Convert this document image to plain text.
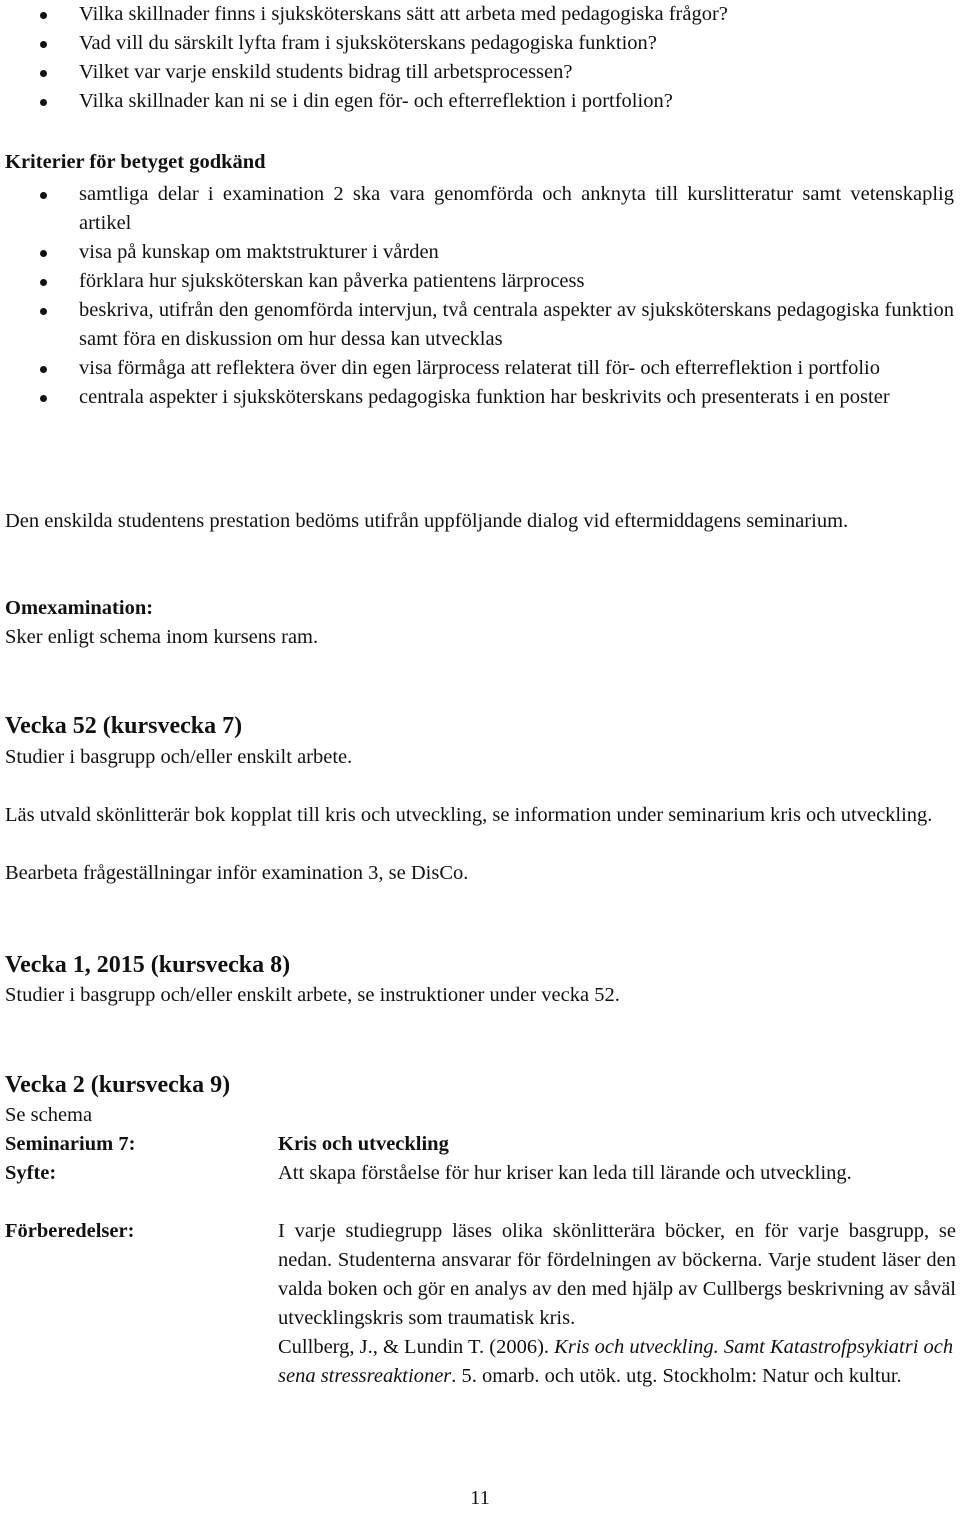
Vilka skillnader finns i sjuksköterskans sätt att arbeta med pedagogiska frågor?
Vad vill du särskilt lyfta fram i sjuksköterskans pedagogiska funktion?
Vilket var varje enskild students bidrag till arbetsprocessen?
Vilka skillnader kan ni se i din egen för- och efterreflektion i portfolion?
Kriterier för betyget godkänd
samtliga delar i examination 2 ska vara genomförda och anknyta till kurslitteratur samt vetenskaplig artikel
visa på kunskap om maktstrukturer i vården
förklara hur sjuksköterskan kan påverka patientens lärprocess
beskriva, utifrån den genomförda intervjun, två centrala aspekter av sjuksköterskans pedagogiska funktion samt föra en diskussion om hur dessa kan utvecklas
visa förmåga att reflektera över din egen lärprocess relaterat till för- och efterreflektion i portfolio
centrala aspekter i sjuksköterskans pedagogiska funktion har beskrivits och presenterats i en poster
Den enskilda studentens prestation bedöms utifrån uppföljande dialog vid eftermiddagens seminarium.
Omexamination:
Sker enligt schema inom kursens ram.
Vecka 52 (kursvecka 7)
Studier i basgrupp och/eller enskilt arbete.
Läs utvald skönlitterär bok kopplat till kris och utveckling, se information under seminarium kris och utveckling.
Bearbeta frågeställningar inför examination 3, se DisCo.
Vecka 1, 2015 (kursvecka 8)
Studier i basgrupp och/eller enskilt arbete, se instruktioner under vecka 52.
Vecka 2 (kursvecka 9)
Se schema
Seminarium 7:	Kris och utveckling
Syfte:	Att skapa förståelse för hur kriser kan leda till lärande och utveckling.
Förberedelser:	I varje studiegrupp läses olika skönlitterära böcker, en för varje basgrupp, se nedan. Studenterna ansvarar för fördelningen av böckerna. Varje student läser den valda boken och gör en analys av den med hjälp av Cullbergs beskrivning av såväl utvecklingskris som traumatisk kris.
Cullberg, J., & Lundin T. (2006). Kris och utveckling. Samt Katastrofpsykiatri och sena stressreaktioner. 5. omarb. och utök. utg. Stockholm: Natur och kultur.
11
